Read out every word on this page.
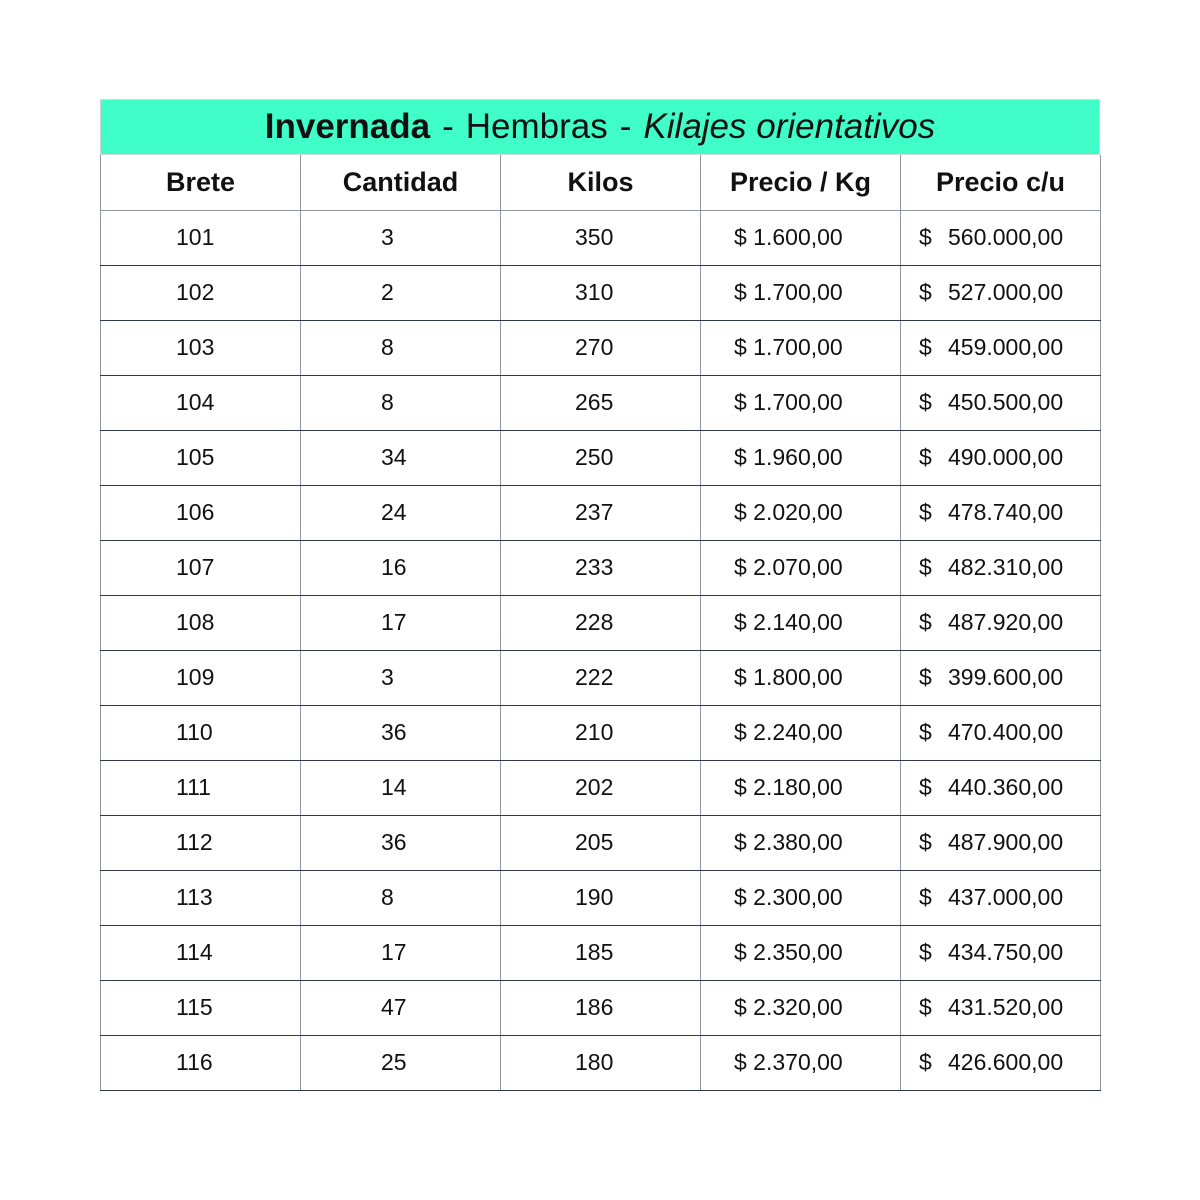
Invernada - Hembras - Kilajes orientativos
Brete	Cantidad	Kilos	Precio / Kg	Precio c/u
101	3	350	$ 1.600,00	$ 560.000,00
102	2	310	$ 1.700,00	$ 527.000,00
103	8	270	$ 1.700,00	$ 459.000,00
104	8	265	$ 1.700,00	$ 450.500,00
105	34	250	$ 1.960,00	$ 490.000,00
106	24	237	$ 2.020,00	$ 478.740,00
107	16	233	$ 2.070,00	$ 482.310,00
108	17	228	$ 2.140,00	$ 487.920,00
109	3	222	$ 1.800,00	$ 399.600,00
110	36	210	$ 2.240,00	$ 470.400,00
111	14	202	$ 2.180,00	$ 440.360,00
112	36	205	$ 2.380,00	$ 487.900,00
113	8	190	$ 2.300,00	$ 437.000,00
114	17	185	$ 2.350,00	$ 434.750,00
115	47	186	$ 2.320,00	$ 431.520,00
116	25	180	$ 2.370,00	$ 426.600,00
